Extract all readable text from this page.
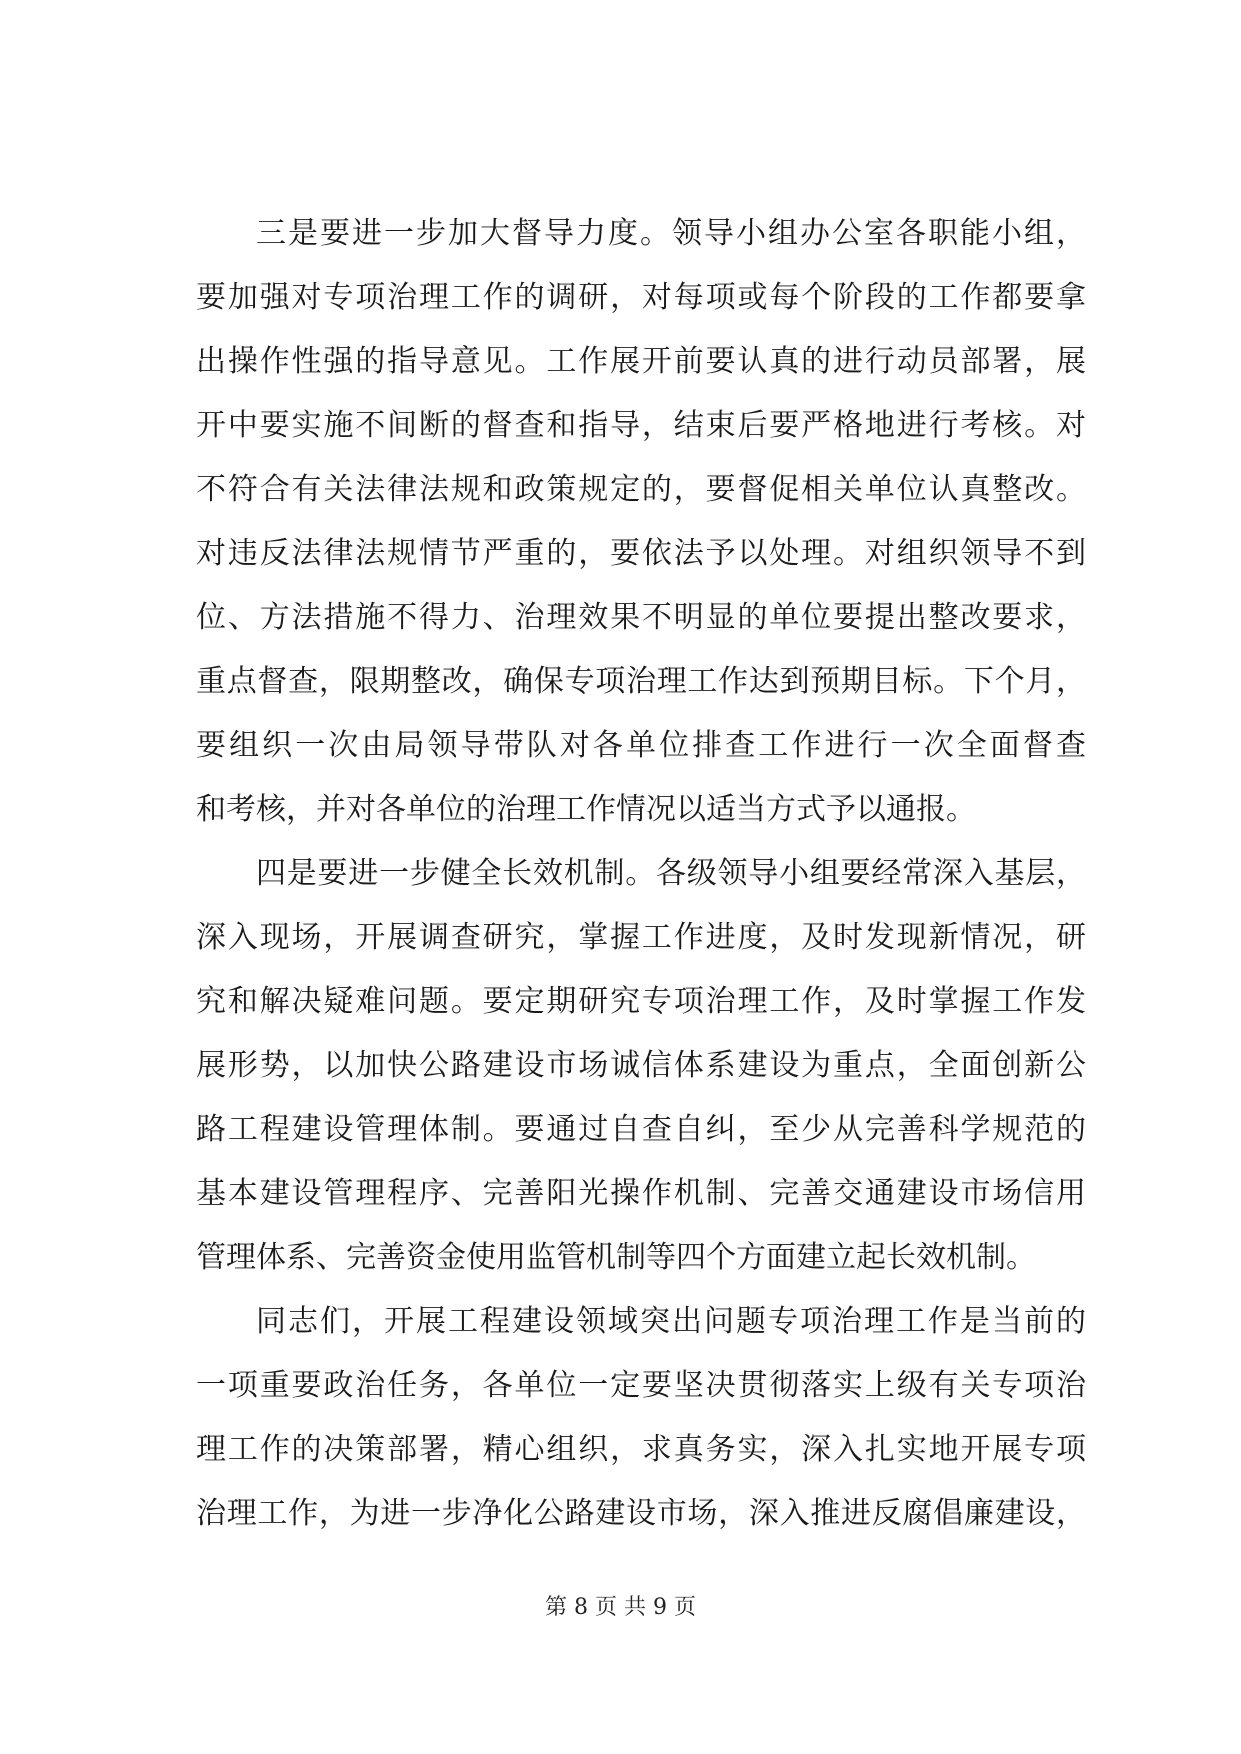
三是要进一步加大督导力度。领导小组办公室各职能小组，
要加强对专项治理工作的调研，对每项或每个阶段的工作都要拿
出操作性强的指导意见。工作展开前要认真的进行动员部署，展
开中要实施不间断的督查和指导，结束后要严格地进行考核。对
不符合有关法律法规和政策规定的，要督促相关单位认真整改。
对违反法律法规情节严重的，要依法予以处理。对组织领导不到
位、方法措施不得力、治理效果不明显的单位要提出整改要求，
重点督查，限期整改，确保专项治理工作达到预期目标。下个月，
要组织一次由局领导带队对各单位排查工作进行一次全面督查
和考核，并对各单位的治理工作情况以适当方式予以通报。
四是要进一步健全长效机制。各级领导小组要经常深入基层，
深入现场，开展调查研究，掌握工作进度，及时发现新情况，研
究和解决疑难问题。要定期研究专项治理工作，及时掌握工作发
展形势，以加快公路建设市场诚信体系建设为重点，全面创新公
路工程建设管理体制。要通过自查自纠，至少从完善科学规范的
基本建设管理程序、完善阳光操作机制、完善交通建设市场信用
管理体系、完善资金使用监管机制等四个方面建立起长效机制。
同志们，开展工程建设领域突出问题专项治理工作是当前的
一项重要政治任务，各单位一定要坚决贯彻落实上级有关专项治
理工作的决策部署，精心组织，求真务实，深入扎实地开展专项
治理工作，为进一步净化公路建设市场，深入推进反腐倡廉建设，
第 8 页 共 9 页
